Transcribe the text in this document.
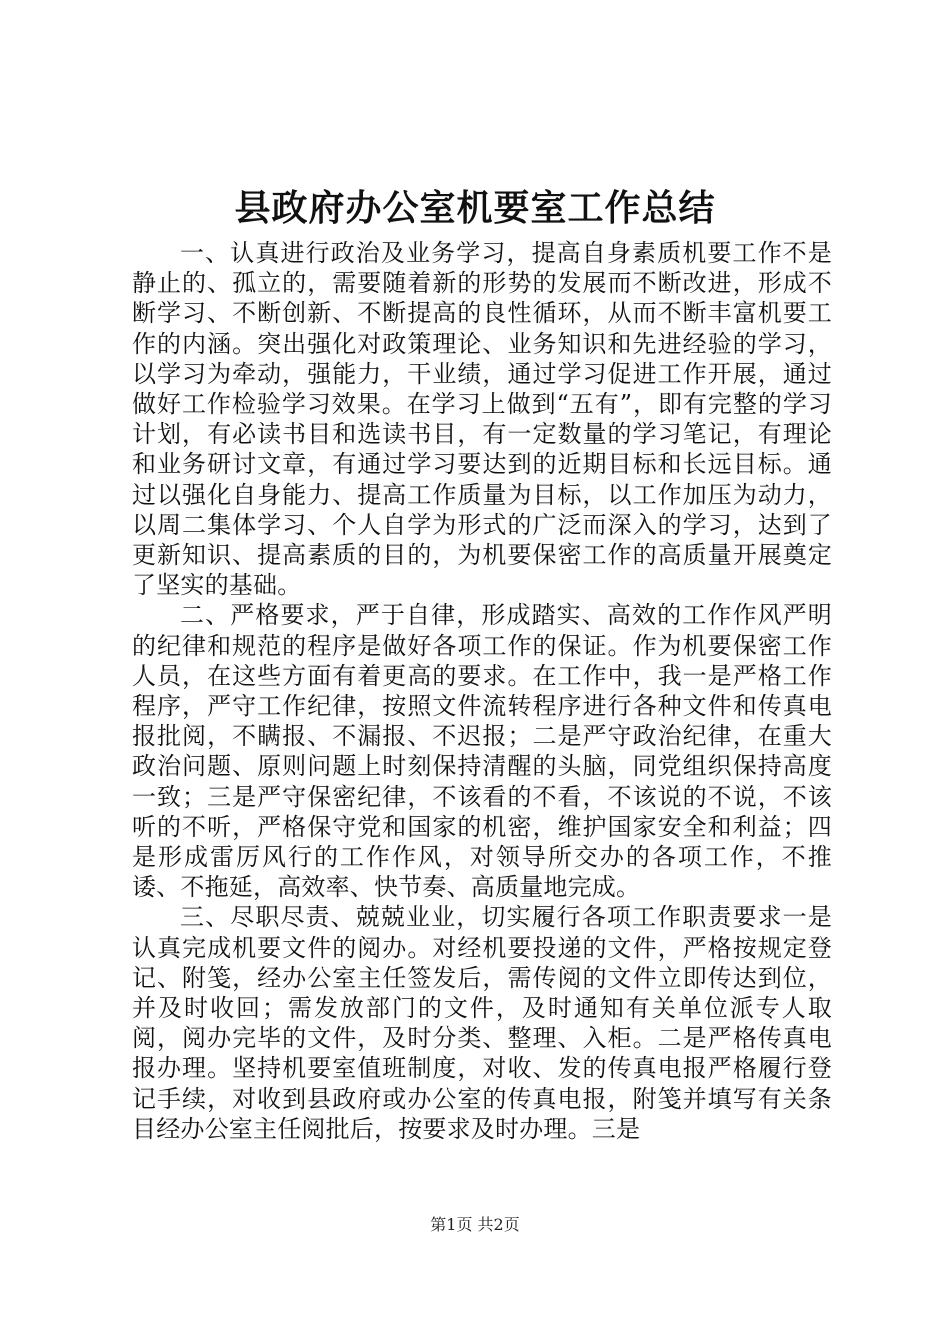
县政府办公室机要室工作总结

一、认真进行政治及业务学习，提高自身素质机要工作不是静止的、孤立的，需要随着新的形势的发展而不断改进，形成不断学习、不断创新、不断提高的良性循环，从而不断丰富机要工作的内涵。突出强化对政策理论、业务知识和先进经验的学习，以学习为牵动，强能力，干业绩，通过学习促进工作开展，通过做好工作检验学习效果。在学习上做到“五有”，即有完整的学习计划，有必读书目和选读书目，有一定数量的学习笔记，有理论和业务研讨文章，有通过学习要达到的近期目标和长远目标。通过以强化自身能力、提高工作质量为目标，以工作加压为动力，以周二集体学习、个人自学为形式的广泛而深入的学习，达到了更新知识、提高素质的目的，为机要保密工作的高质量开展奠定了坚实的基础。

二、严格要求，严于自律，形成踏实、高效的工作作风严明的纪律和规范的程序是做好各项工作的保证。作为机要保密工作人员，在这些方面有着更高的要求。在工作中，我一是严格工作程序，严守工作纪律，按照文件流转程序进行各种文件和传真电报批阅，不瞒报、不漏报、不迟报；二是严守政治纪律，在重大政治问题、原则问题上时刻保持清醒的头脑，同党组织保持高度一致；三是严守保密纪律，不该看的不看，不该说的不说，不该听的不听，严格保守党和国家的机密，维护国家安全和利益；四是形成雷厉风行的工作作风，对领导所交办的各项工作，不推诿、不拖延，高效率、快节奏、高质量地完成。

三、尽职尽责、兢兢业业，切实履行各项工作职责要求一是认真完成机要文件的阅办。对经机要投递的文件，严格按规定登记、附笺，经办公室主任签发后，需传阅的文件立即传达到位，并及时收回；需发放部门的文件，及时通知有关单位派专人取阅，阅办完毕的文件，及时分类、整理、入柜。二是严格传真电报办理。坚持机要室值班制度，对收、发的传真电报严格履行登记手续，对收到县政府或办公室的传真电报，附笺并填写有关条目经办公室主任阅批后，按要求及时办理。三是

第1页 共2页
